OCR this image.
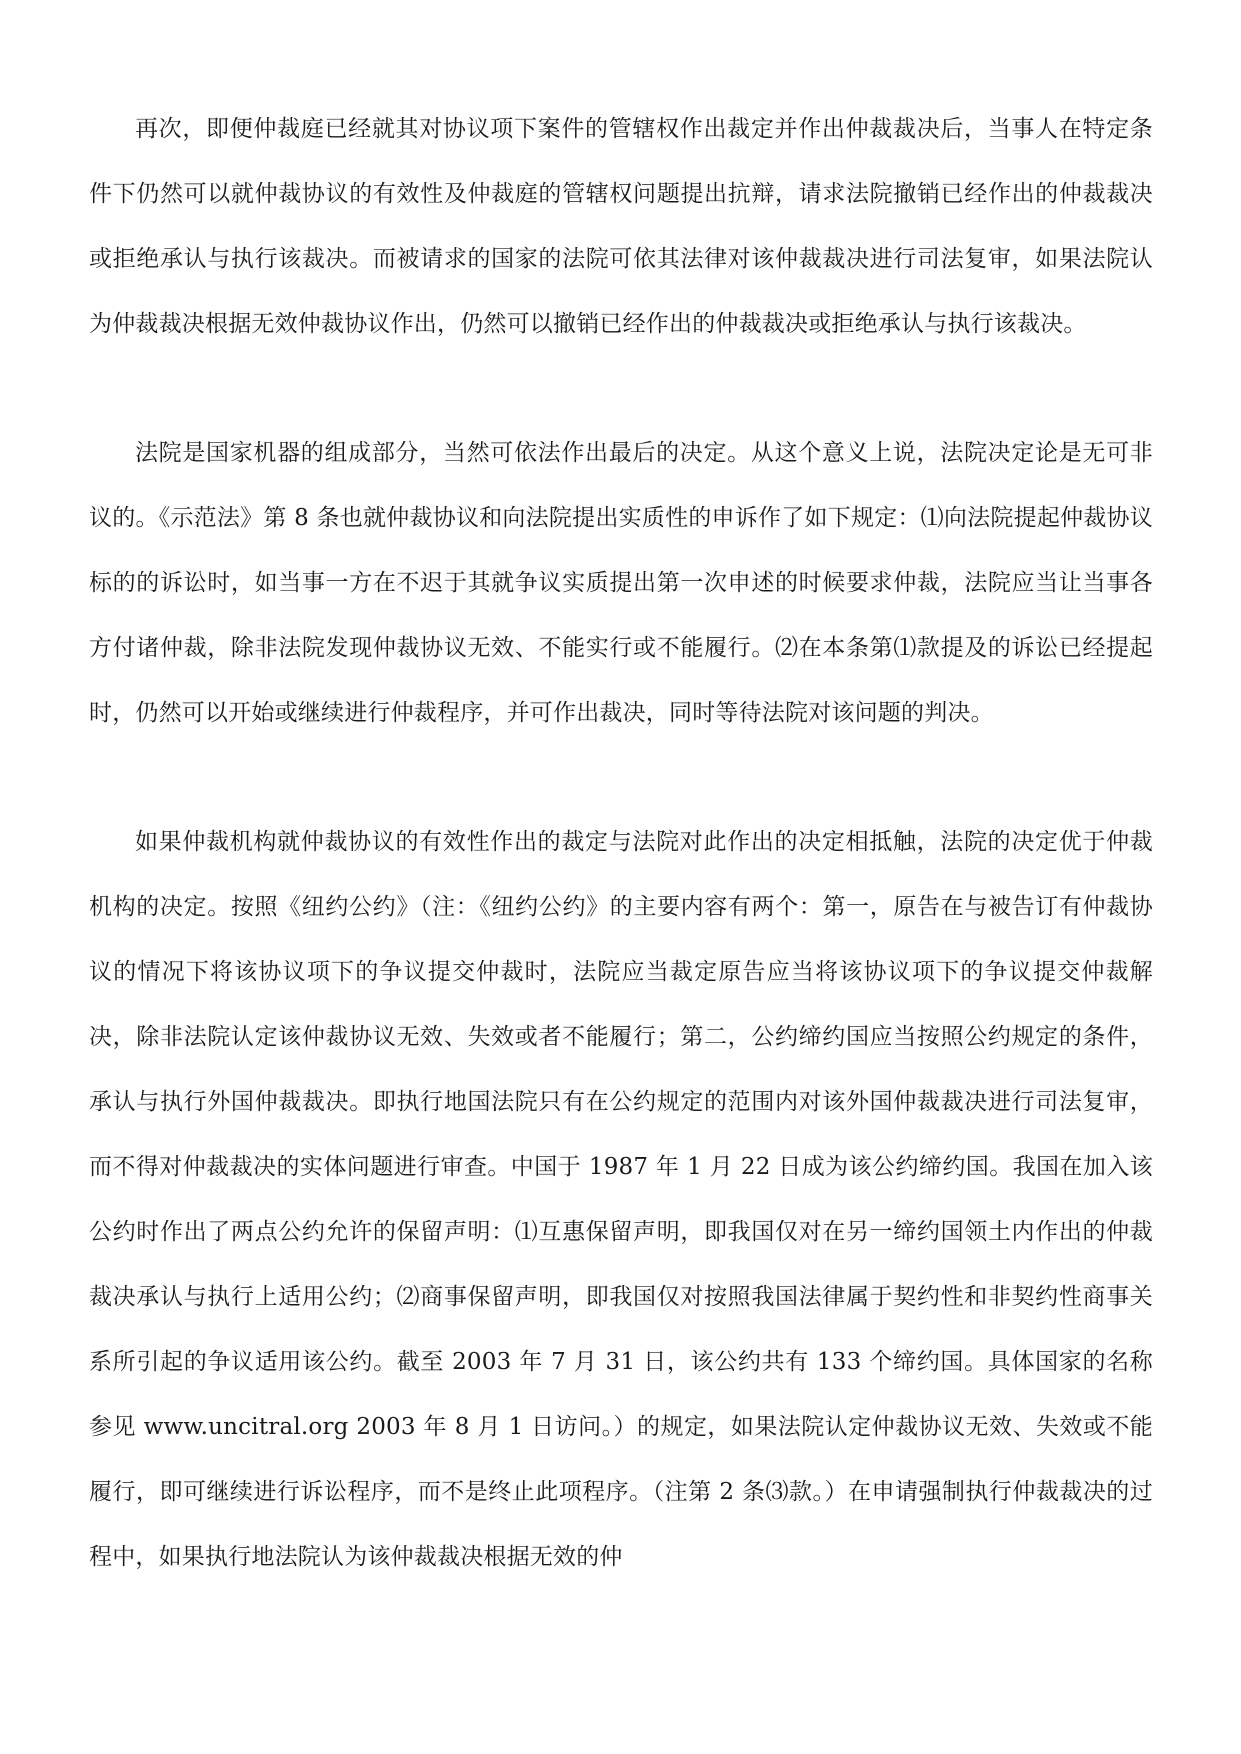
再次，即便仲裁庭已经就其对协议项下案件的管辖权作出裁定并作出仲裁裁决后，当事人在特定条件下仍然可以就仲裁协议的有效性及仲裁庭的管辖权问题提出抗辩，请求法院撤销已经作出的仲裁裁决或拒绝承认与执行该裁决。而被请求的国家的法院可依其法律对该仲裁裁决进行司法复审，如果法院认为仲裁裁决根据无效仲裁协议作出，仍然可以撤销已经作出的仲裁裁决或拒绝承认与执行该裁决。

法院是国家机器的组成部分，当然可依法作出最后的决定。从这个意义上说，法院决定论是无可非议的。《示范法》第 8 条也就仲裁协议和向法院提出实质性的申诉作了如下规定：⑴向法院提起仲裁协议标的的诉讼时，如当事一方在不迟于其就争议实质提出第一次申述的时候要求仲裁，法院应当让当事各方付诸仲裁，除非法院发现仲裁协议无效、不能实行或不能履行。⑵在本条第⑴款提及的诉讼已经提起时，仍然可以开始或继续进行仲裁程序，并可作出裁决，同时等待法院对该问题的判决。

如果仲裁机构就仲裁协议的有效性作出的裁定与法院对此作出的决定相抵触，法院的决定优于仲裁机构的决定。按照《纽约公约》（注：《纽约公约》的主要内容有两个：第一，原告在与被告订有仲裁协议的情况下将该协议项下的争议提交仲裁时，法院应当裁定原告应当将该协议项下的争议提交仲裁解决，除非法院认定该仲裁协议无效、失效或者不能履行；第二，公约缔约国应当按照公约规定的条件，承认与执行外国仲裁裁决。即执行地国法院只有在公约规定的范围内对该外国仲裁裁决进行司法复审，而不得对仲裁裁决的实体问题进行审查。中国于 1987 年 1 月 22 日成为该公约缔约国。我国在加入该公约时作出了两点公约允许的保留声明：⑴互惠保留声明，即我国仅对在另一缔约国领土内作出的仲裁裁决承认与执行上适用公约；⑵商事保留声明，即我国仅对按照我国法律属于契约性和非契约性商事关系所引起的争议适用该公约。截至 2003 年 7 月 31 日，该公约共有 133 个缔约国。具体国家的名称参见 www.uncitral.org 2003 年 8 月 1 日访问。）的规定，如果法院认定仲裁协议无效、失效或不能履行，即可继续进行诉讼程序，而不是终止此项程序。（注第 2 条⑶款。）在申请强制执行仲裁裁决的过程中，如果执行地法院认为该仲裁裁决根据无效的仲
